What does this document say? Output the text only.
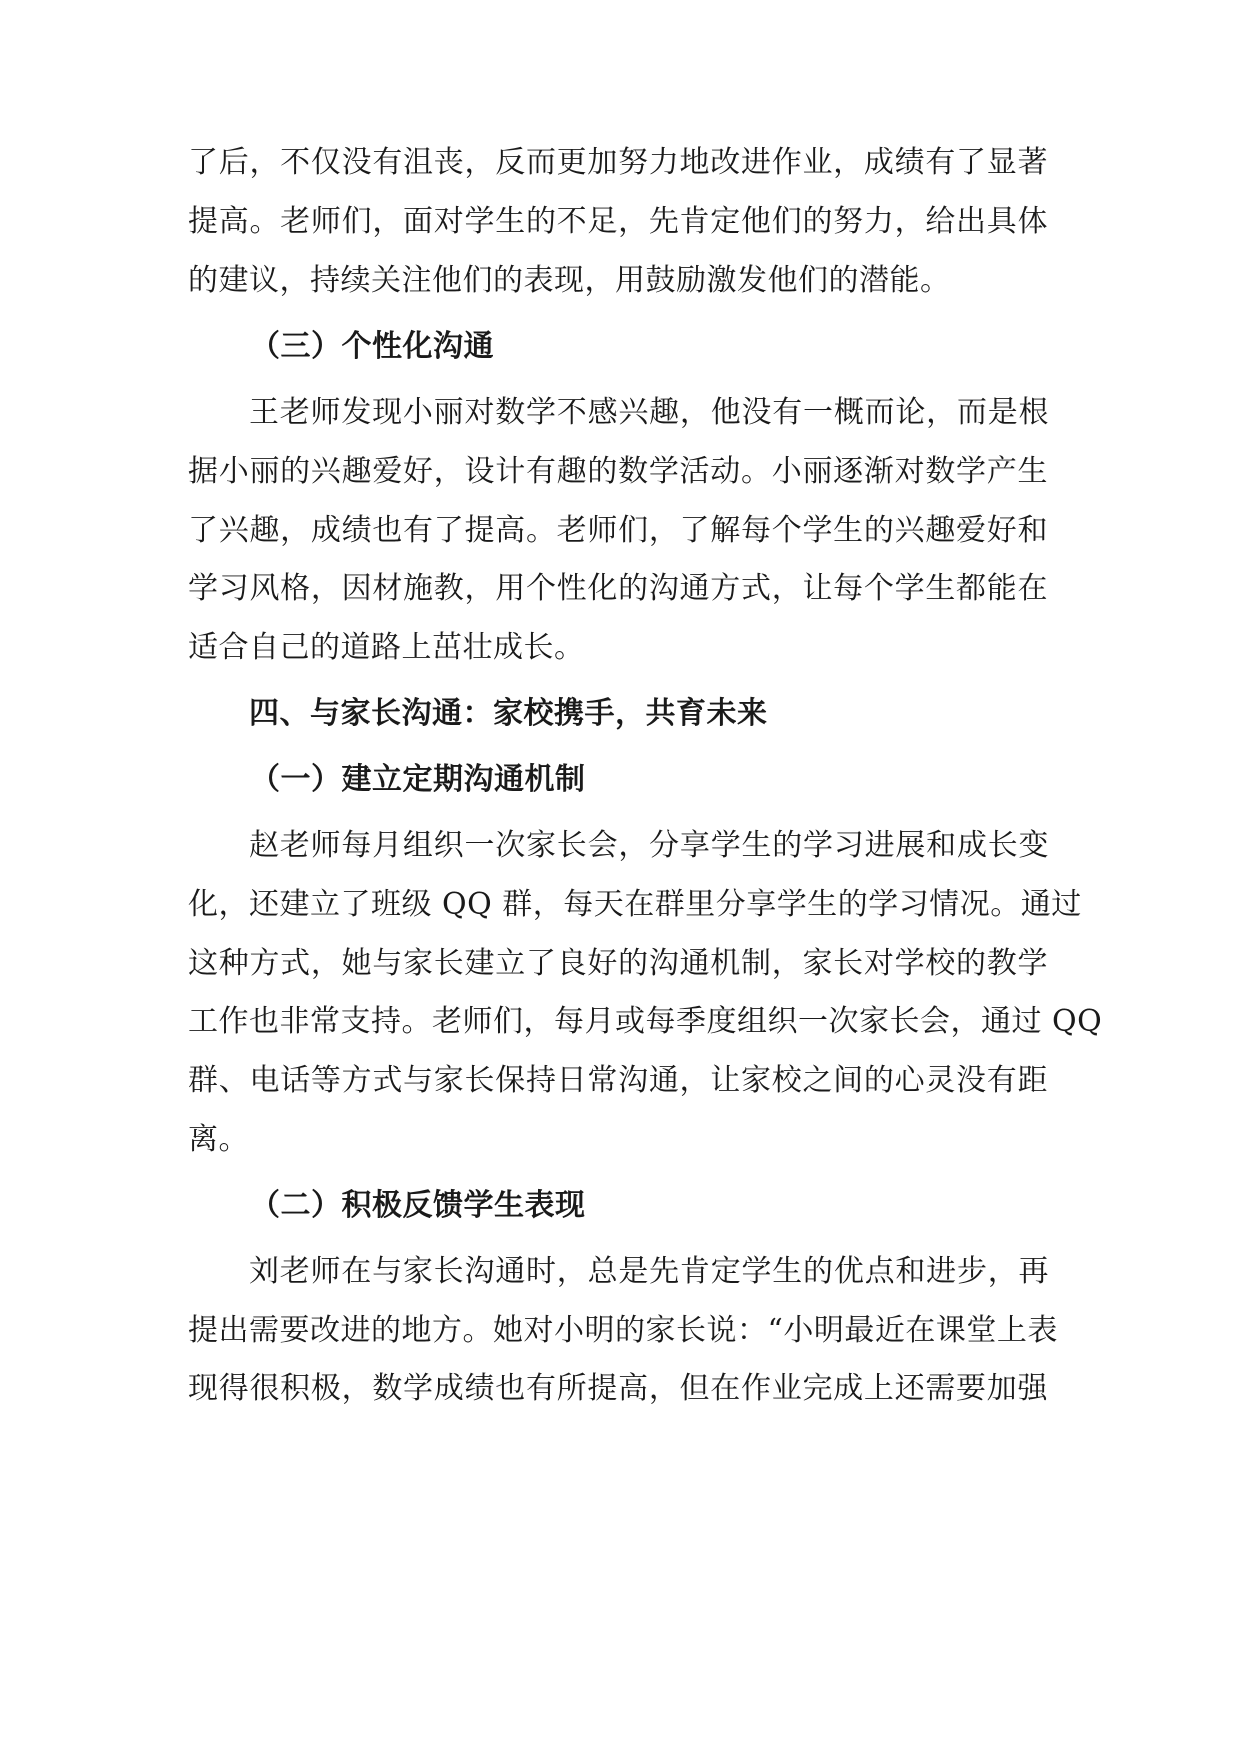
了后，不仅没有沮丧，反而更加努力地改进作业，成绩有了显著
提高。老师们，面对学生的不足，先肯定他们的努力，给出具体
的建议，持续关注他们的表现，用鼓励激发他们的潜能。
（三）个性化沟通
王老师发现小丽对数学不感兴趣，他没有一概而论，而是根
据小丽的兴趣爱好，设计有趣的数学活动。小丽逐渐对数学产生
了兴趣，成绩也有了提高。老师们，了解每个学生的兴趣爱好和
学习风格，因材施教，用个性化的沟通方式，让每个学生都能在
适合自己的道路上茁壮成长。
四、与家长沟通：家校携手，共育未来
（一）建立定期沟通机制
赵老师每月组织一次家长会，分享学生的学习进展和成长变
化，还建立了班级 QQ 群，每天在群里分享学生的学习情况。通过
这种方式，她与家长建立了良好的沟通机制，家长对学校的教学
工作也非常支持。老师们，每月或每季度组织一次家长会，通过 QQ
群、电话等方式与家长保持日常沟通，让家校之间的心灵没有距
离。
（二）积极反馈学生表现
刘老师在与家长沟通时，总是先肯定学生的优点和进步，再
提出需要改进的地方。她对小明的家长说：“小明最近在课堂上表
现得很积极，数学成绩也有所提高，但在作业完成上还需要加强
